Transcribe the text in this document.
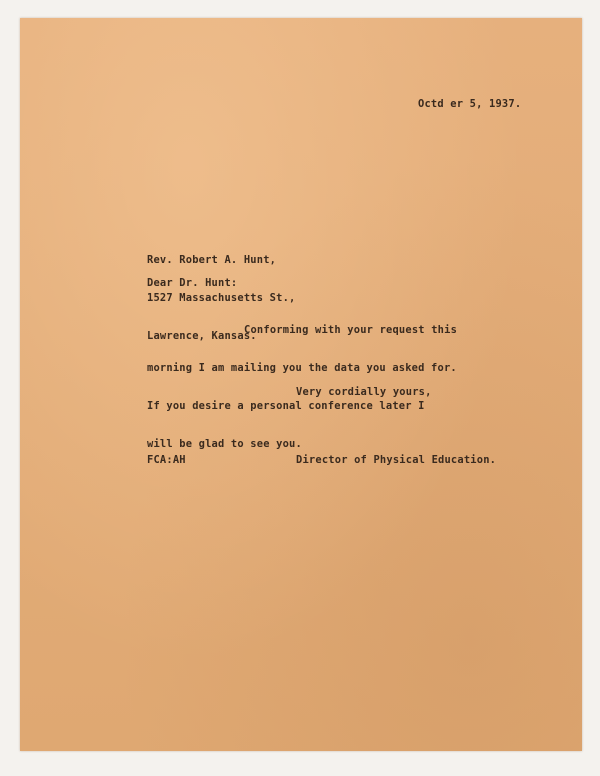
Octd er 5, 1937.

Rev. Robert A. Hunt,

1527 Massachusetts St.,

Lawrence, Kansas.

Dear Dr. Hunt:

Conforming with your request this

morning I am mailing you the data you asked for.

If you desire a personal conference later I

will be glad to see you.

Very cordially yours,
FCA:AH	Director of Physical Education.
